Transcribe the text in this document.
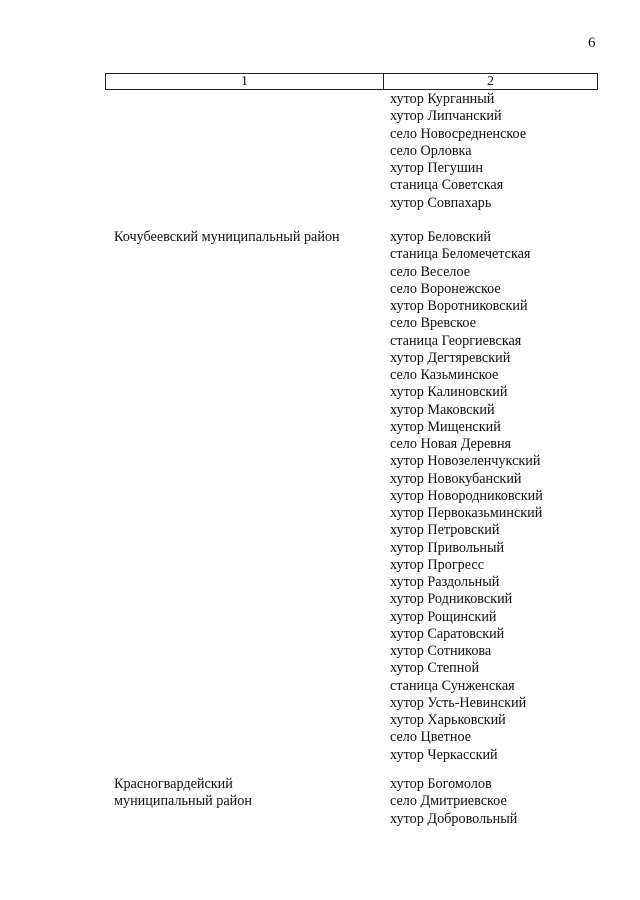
6
1	2
хутор Курганный
хутор Липчанский
село Новосредненское
село Орловка
хутор Пегушин
станица Советская
хутор Совпахарь
Кочубеевский муниципальный район	хутор Беловский
станица Беломечетская
село Веселое
село Воронежское
хутор Воротниковский
село Вревское
станица Георгиевская
хутор Дегтяревский
село Казьминское
хутор Калиновский
хутор Маковский
хутор Мищенский
село Новая Деревня
хутор Новозеленчукский
хутор Новокубанский
хутор Новородниковский
хутор Первоказьминский
хутор Петровский
хутор Привольный
хутор Прогресс
хутор Раздольный
хутор Родниковский
хутор Рощинский
хутор Саратовский
хутор Сотникова
хутор Степной
станица Сунженская
хутор Усть-Невинский
хутор Харьковский
село Цветное
хутор Черкасский
Красногвардейский
муниципальный район
хутор Богомолов
село Дмитриевское
хутор Добровольный
